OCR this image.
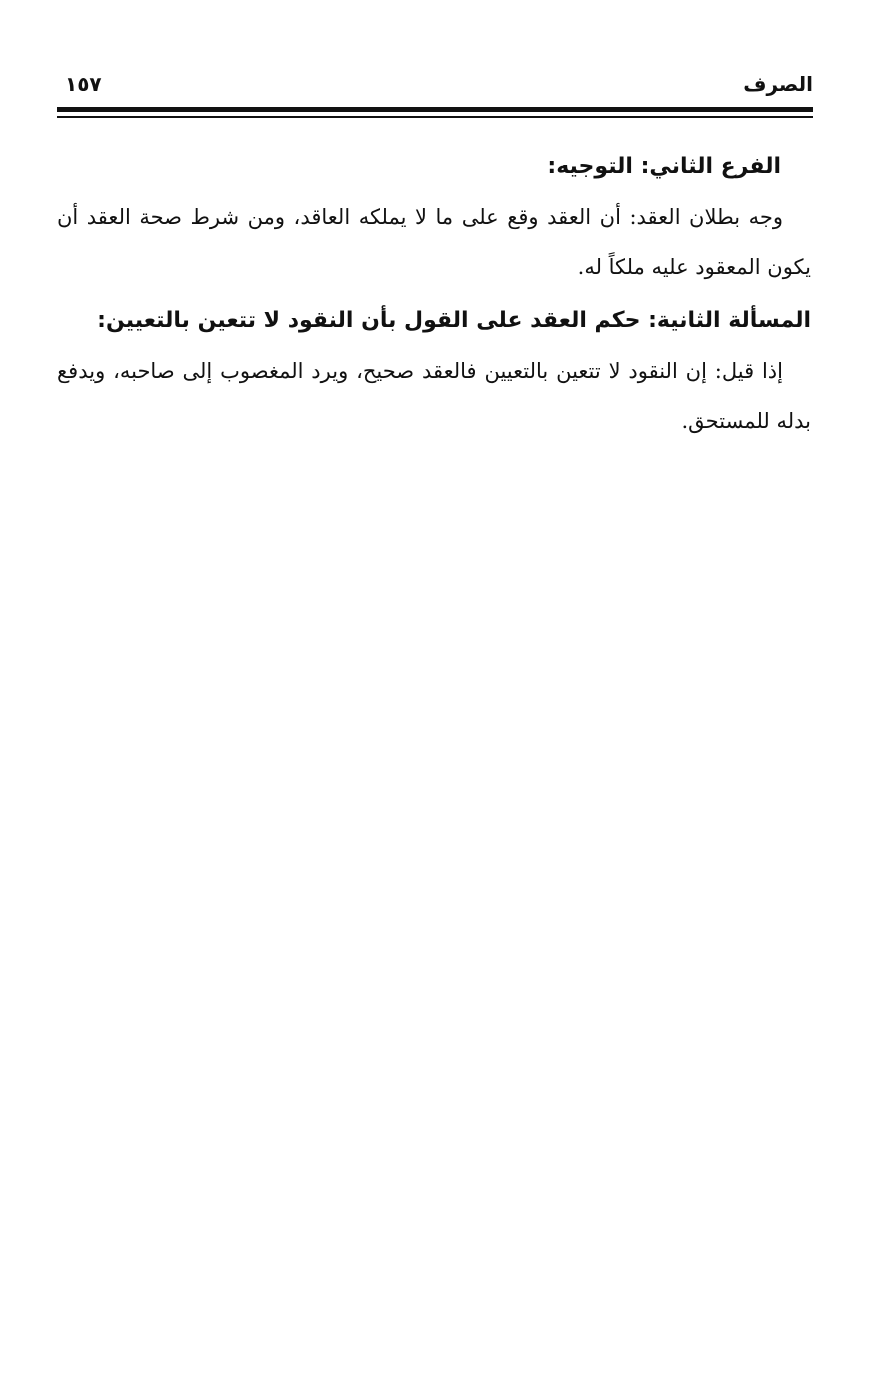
الصرف
١٥٧

الفرع الثاني: التوجيه:

وجه بطلان العقد: أن العقد وقع على ما لا يملكه العاقد، ومن شرط صحة العقد أن يكون المعقود عليه ملكاً له.

المسألة الثانية: حكم العقد على القول بأن النقود لا تتعين بالتعيين:

إذا قيل: إن النقود لا تتعين بالتعيين فالعقد صحيح، ويرد المغصوب إلى صاحبه، ويدفع بدله للمستحق.
